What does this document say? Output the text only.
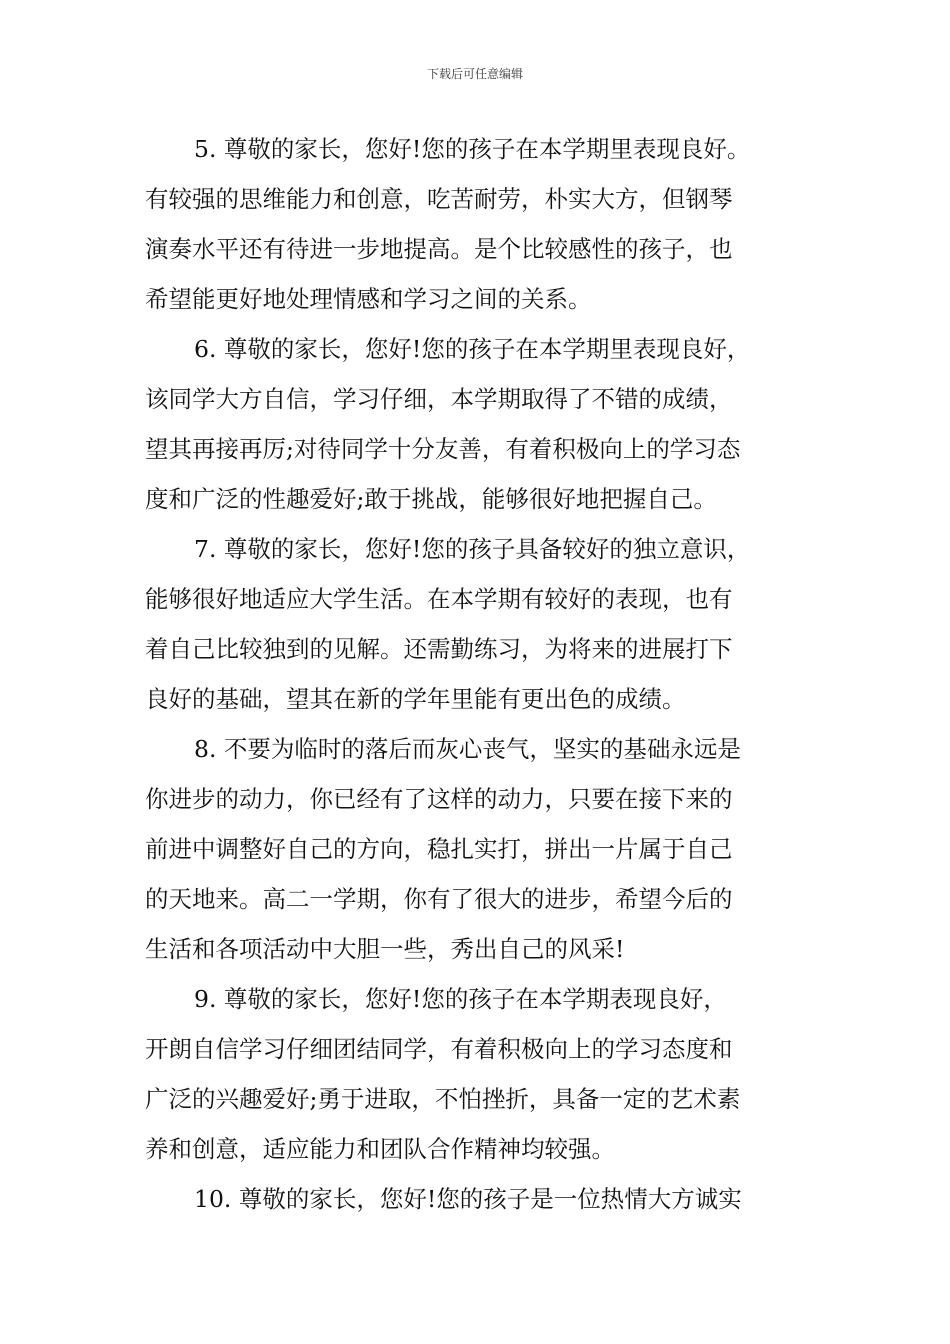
下载后可任意编辑
5. 尊敬的家长，您好!您的孩子在本学期里表现良好。
有较强的思维能力和创意，吃苦耐劳，朴实大方，但钢琴
演奏水平还有待进一步地提高。是个比较感性的孩子，也
希望能更好地处理情感和学习之间的关系。
6. 尊敬的家长，您好!您的孩子在本学期里表现良好，
该同学大方自信，学习仔细，本学期取得了不错的成绩，
望其再接再厉;对待同学十分友善，有着积极向上的学习态
度和广泛的性趣爱好;敢于挑战，能够很好地把握自己。
7. 尊敬的家长，您好!您的孩子具备较好的独立意识，
能够很好地适应大学生活。在本学期有较好的表现，也有
着自己比较独到的见解。还需勤练习，为将来的进展打下
良好的基础，望其在新的学年里能有更出色的成绩。
8. 不要为临时的落后而灰心丧气，坚实的基础永远是
你进步的动力，你已经有了这样的动力，只要在接下来的
前进中调整好自己的方向，稳扎实打，拼出一片属于自己
的天地来。高二一学期，你有了很大的进步，希望今后的
生活和各项活动中大胆一些，秀出自己的风采!
9. 尊敬的家长，您好!您的孩子在本学期表现良好，
开朗自信学习仔细团结同学，有着积极向上的学习态度和
广泛的兴趣爱好;勇于进取，不怕挫折，具备一定的艺术素
养和创意，适应能力和团队合作精神均较强。
10. 尊敬的家长，您好!您的孩子是一位热情大方诚实
